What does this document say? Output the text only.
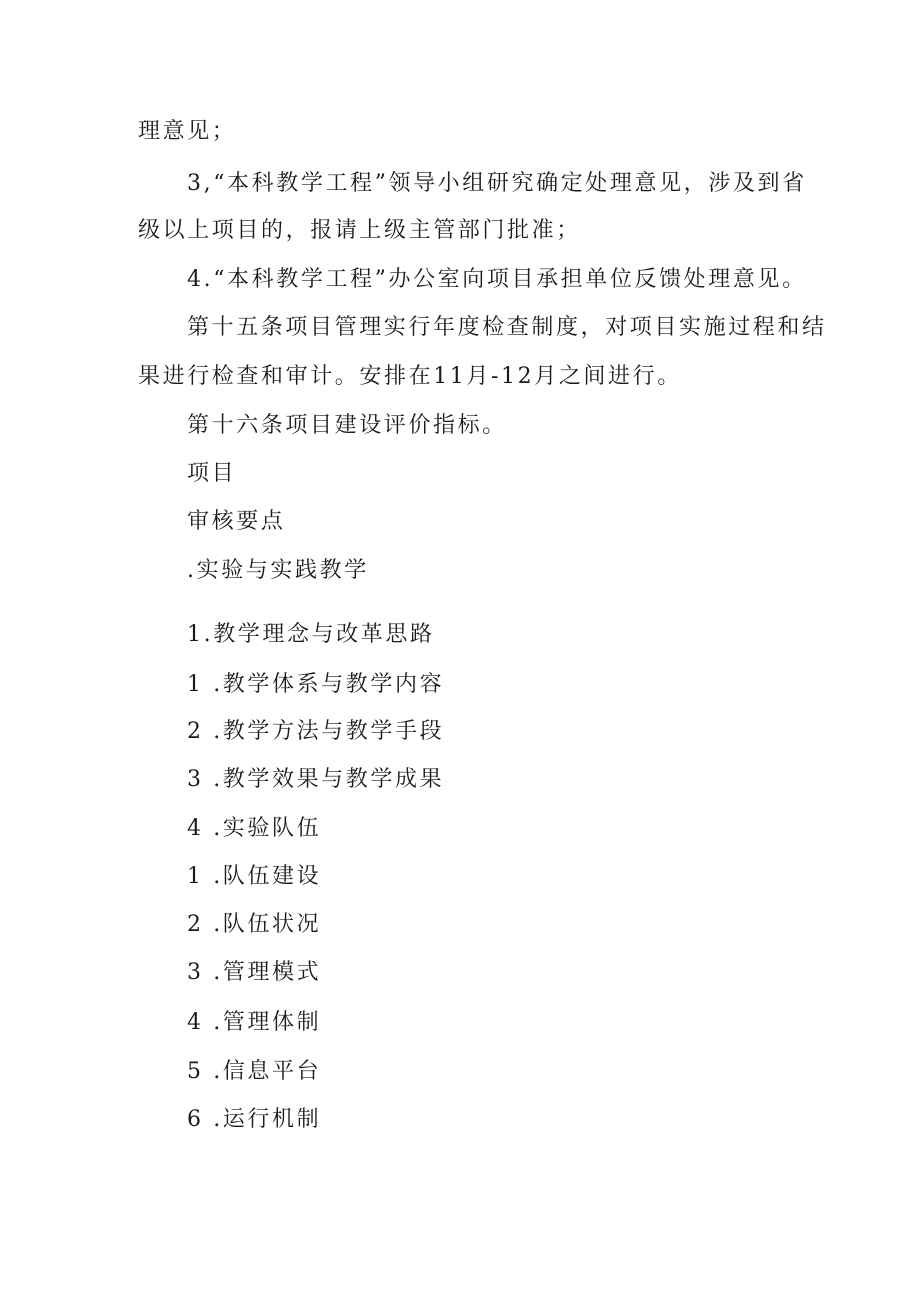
理意见；
3,“本科教学工程”领导小组研究确定处理意见，涉及到省
级以上项目的，报请上级主管部门批准；
4.“本科教学工程”办公室向项目承担单位反馈处理意见。
第十五条项目管理实行年度检查制度，对项目实施过程和结
果进行检查和审计。安排在11月-12月之间进行。
第十六条项目建设评价指标。
项目
审核要点
.实验与实践教学
1.教学理念与改革思路
1 .教学体系与教学内容
2 .教学方法与教学手段
3 .教学效果与教学成果
4 .实验队伍
1 .队伍建设
2 .队伍状况
3 .管理模式
4 .管理体制
5 .信息平台
6 .运行机制
